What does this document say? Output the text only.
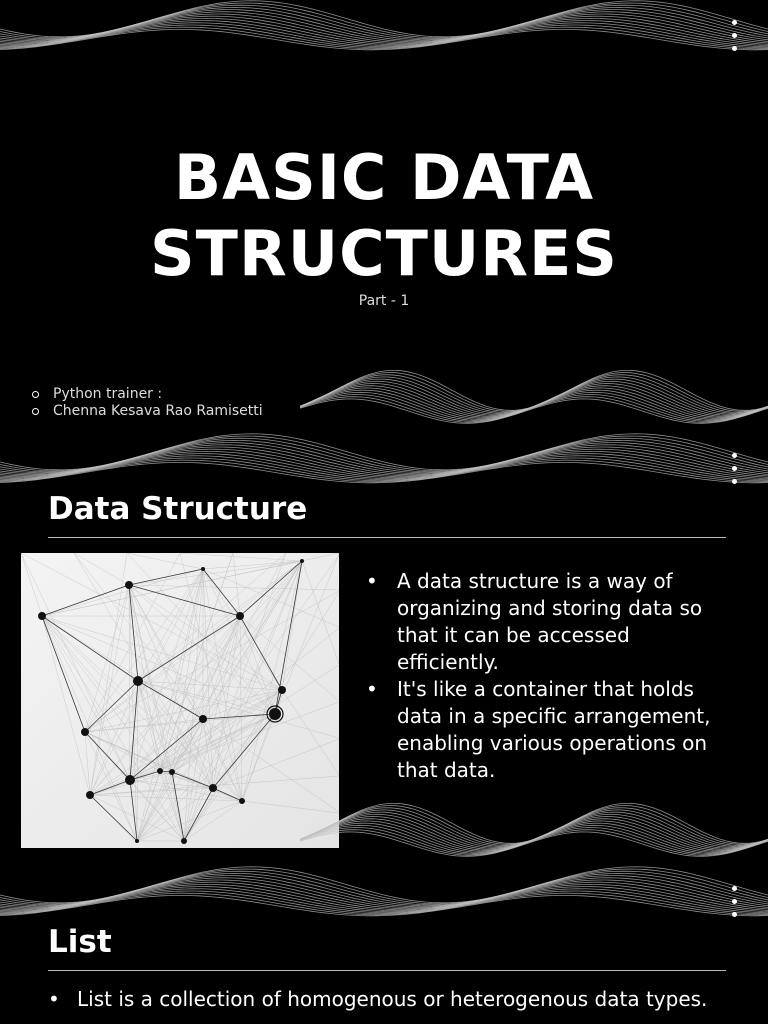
BASIC DATA
STRUCTURES
Part - 1
Python trainer :
Chenna Kesava Rao Ramisetti
Data Structure
• A data structure is a way of organizing and storing data so that it can be accessed efficiently.
• It's like a container that holds data in a specific arrangement, enabling various operations on that data.
List
• List is a collection of homogenous or heterogenous data types.
